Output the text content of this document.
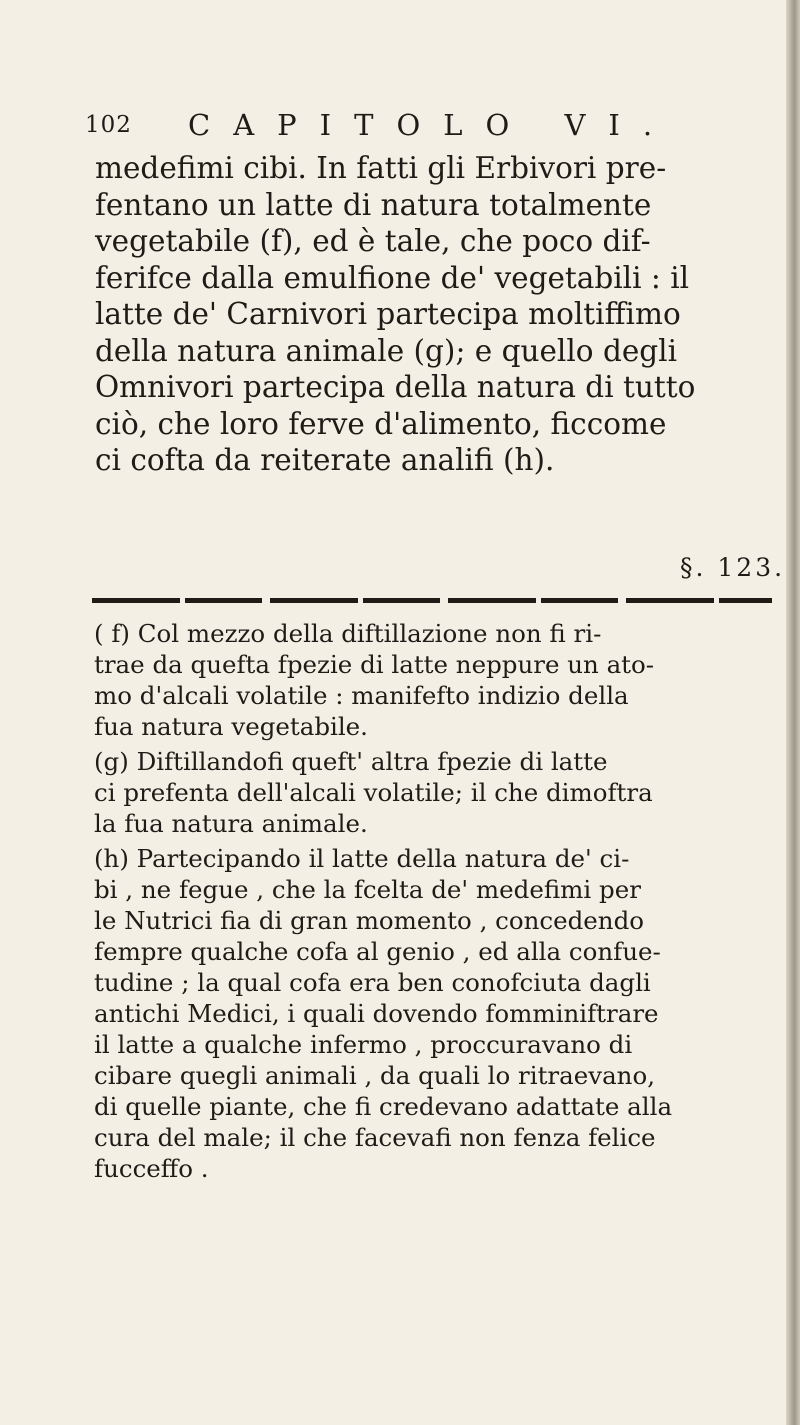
102 CAPITOLO VI.

medefimi cibi. In fatti gli Erbivori pre-
fentano un latte di natura totalmente
vegetabile (f), ed è tale, che poco dif-
ferifce dalla emulfione de' vegetabili : il
latte de' Carnivori partecipa moltiffimo
della natura animale (g); e quello degli
Omnivori partecipa della natura di tutto
ciò, che loro ferve d'alimento, ficcome
ci cofta da reiterate analifi (h).

§. 123.

( f) Col mezzo della diftillazione non fi ri-
trae da quefta fpezie di latte neppure un ato-
mo d'alcali volatile : manifefto indizio della
fua natura vegetabile.
(g) Diftillandofi queft' altra fpezie di latte
ci prefenta dell'alcali volatile; il che dimoftra
la fua natura animale.
(h) Partecipando il latte della natura de' ci-
bi , ne fegue , che la fcelta de' medefimi per
le Nutrici fia di gran momento , concedendo
fempre qualche cofa al genio , ed alla confue-
tudine ; la qual cofa era ben conofciuta dagli
antichi Medici, i quali dovendo fomminiftrare
il latte a qualche infermo , proccuravano di
cibare quegli animali , da quali lo ritraevano,
di quelle piante, che fi credevano adattate alla
cura del male; il che facevafi non fenza felice
fucceffo .
